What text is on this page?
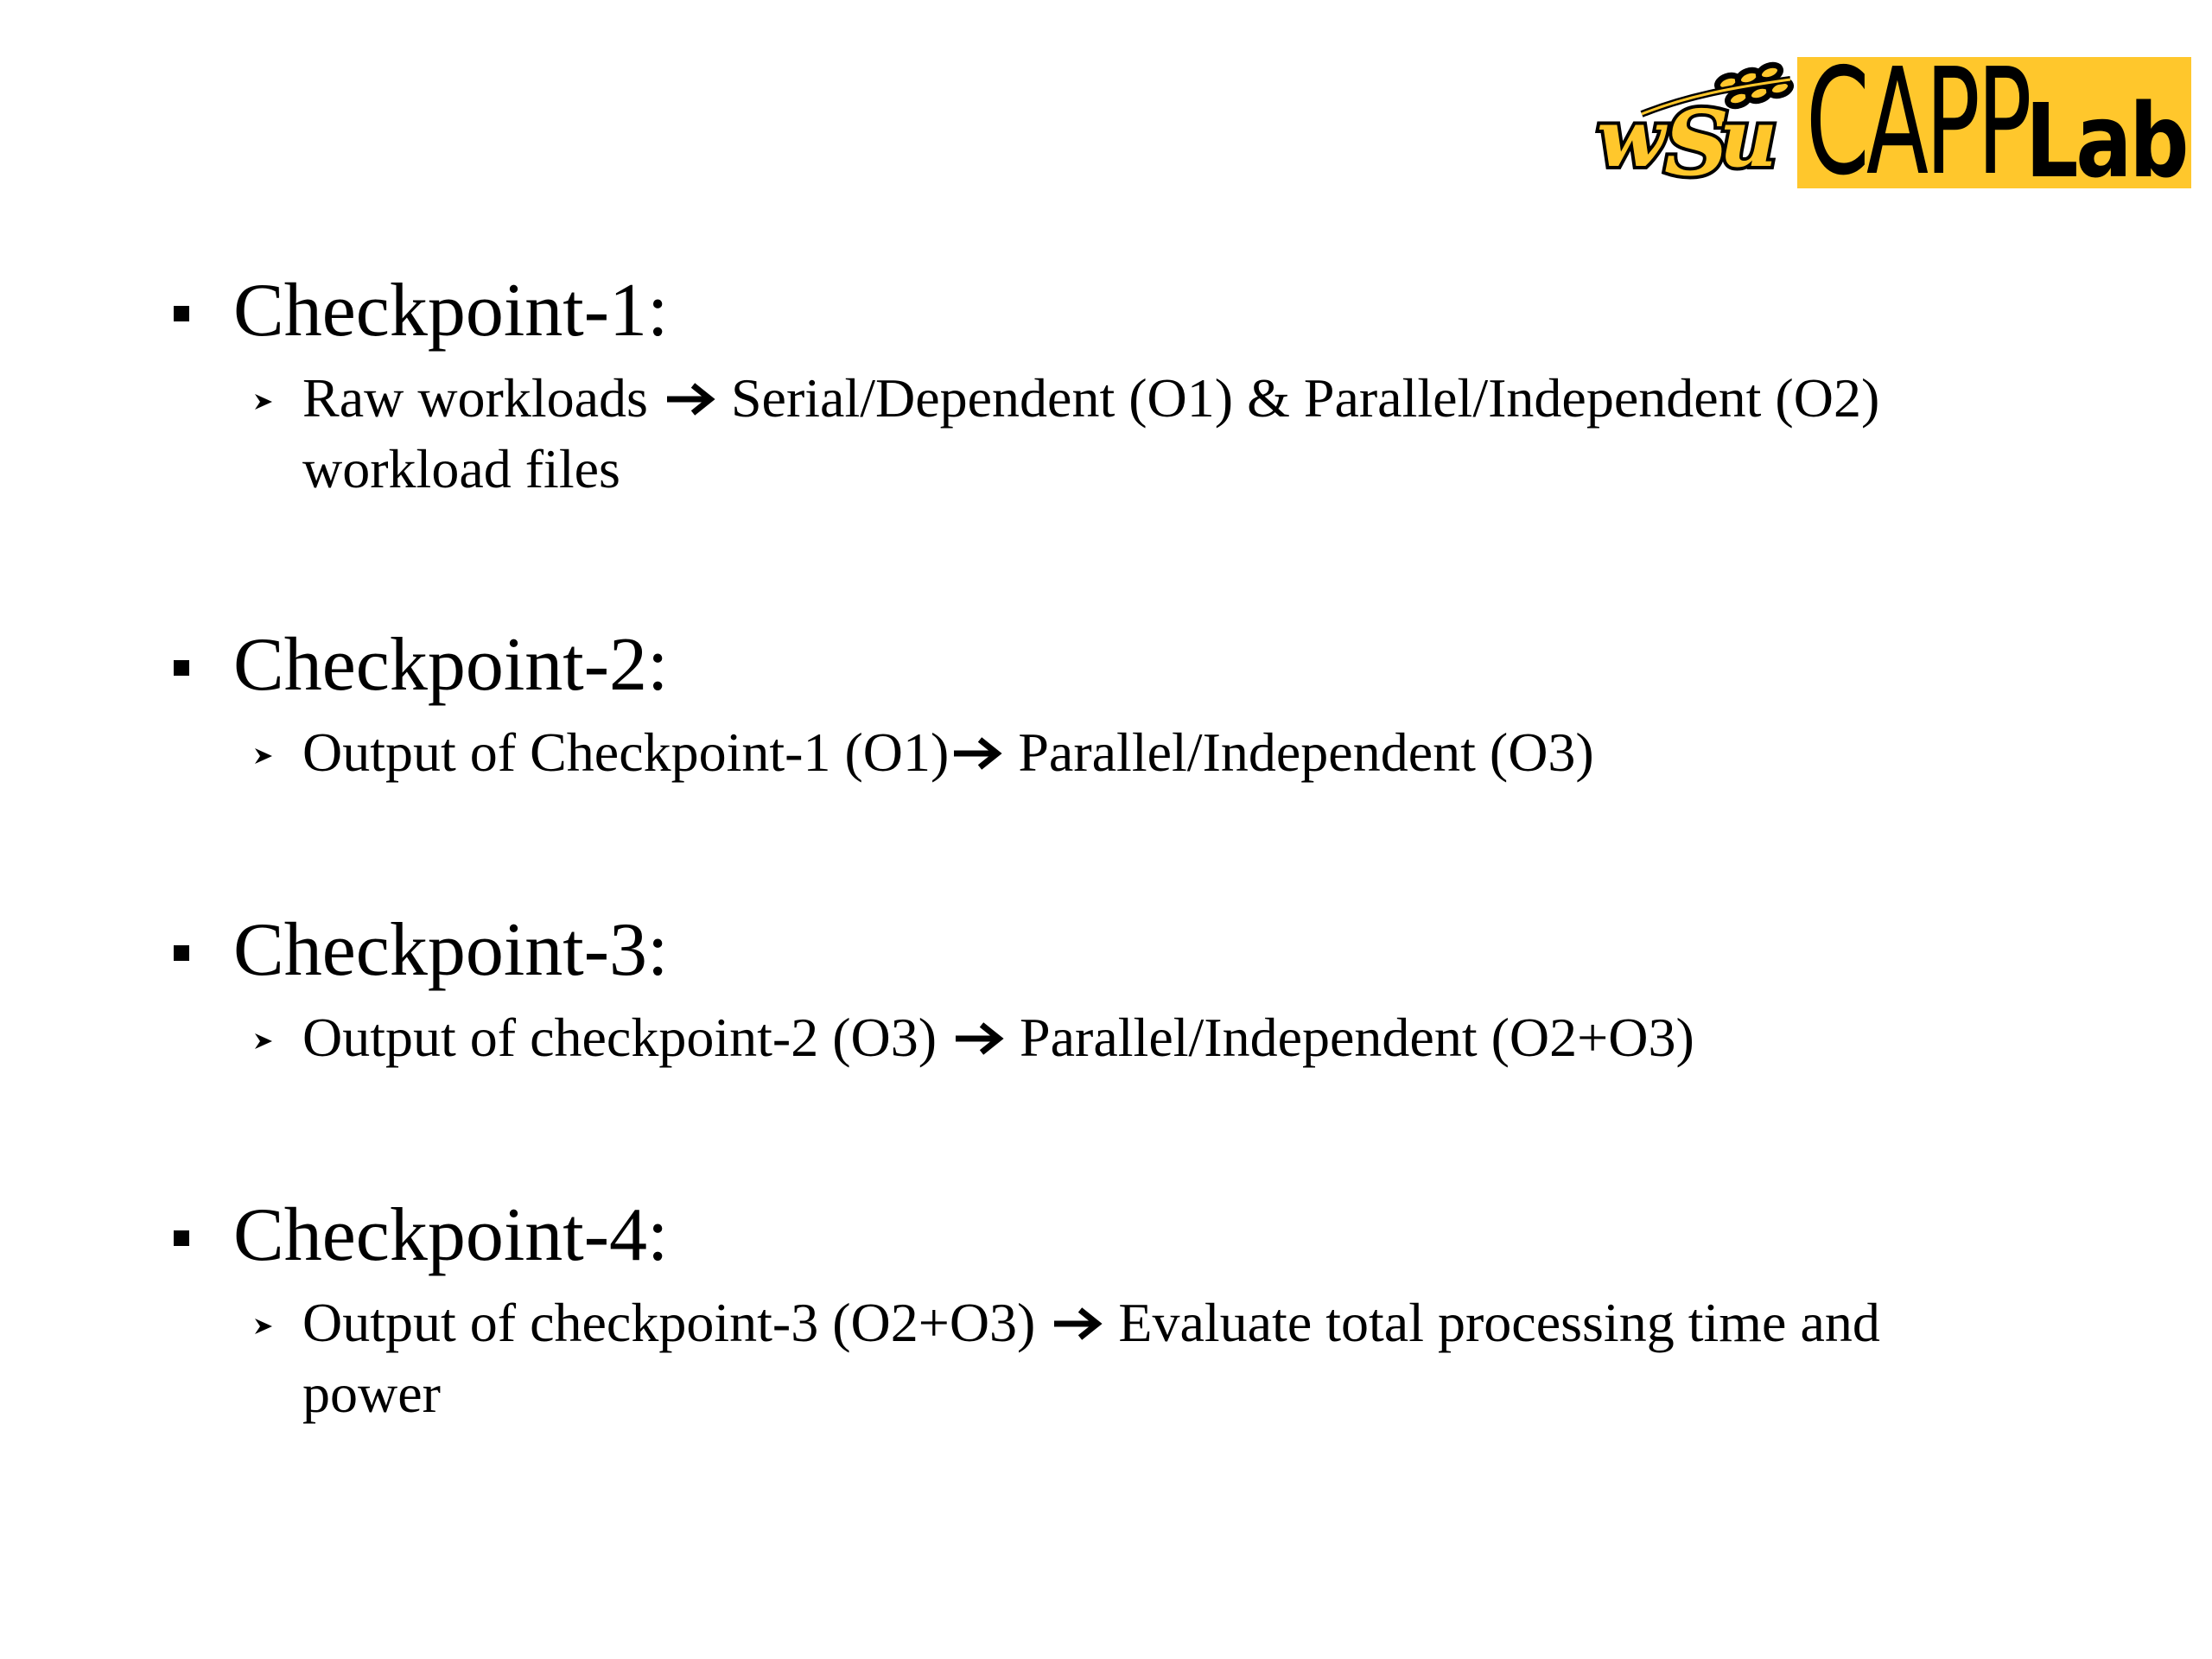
w
S
u CAPP
Lab
Checkpoint-1:
Raw workloads  Serial/Dependent (O1) & Parallel/Independent (O2) workload files
Checkpoint-2:
Output of Checkpoint-1 (O1) Parallel/Independent (O3)
Checkpoint-3:
Output of checkpoint-2 (O3)  Parallel/Independent (O2+O3)
Checkpoint-4:
Output of checkpoint-3 (O2+O3)  Evaluate total processing time and power
